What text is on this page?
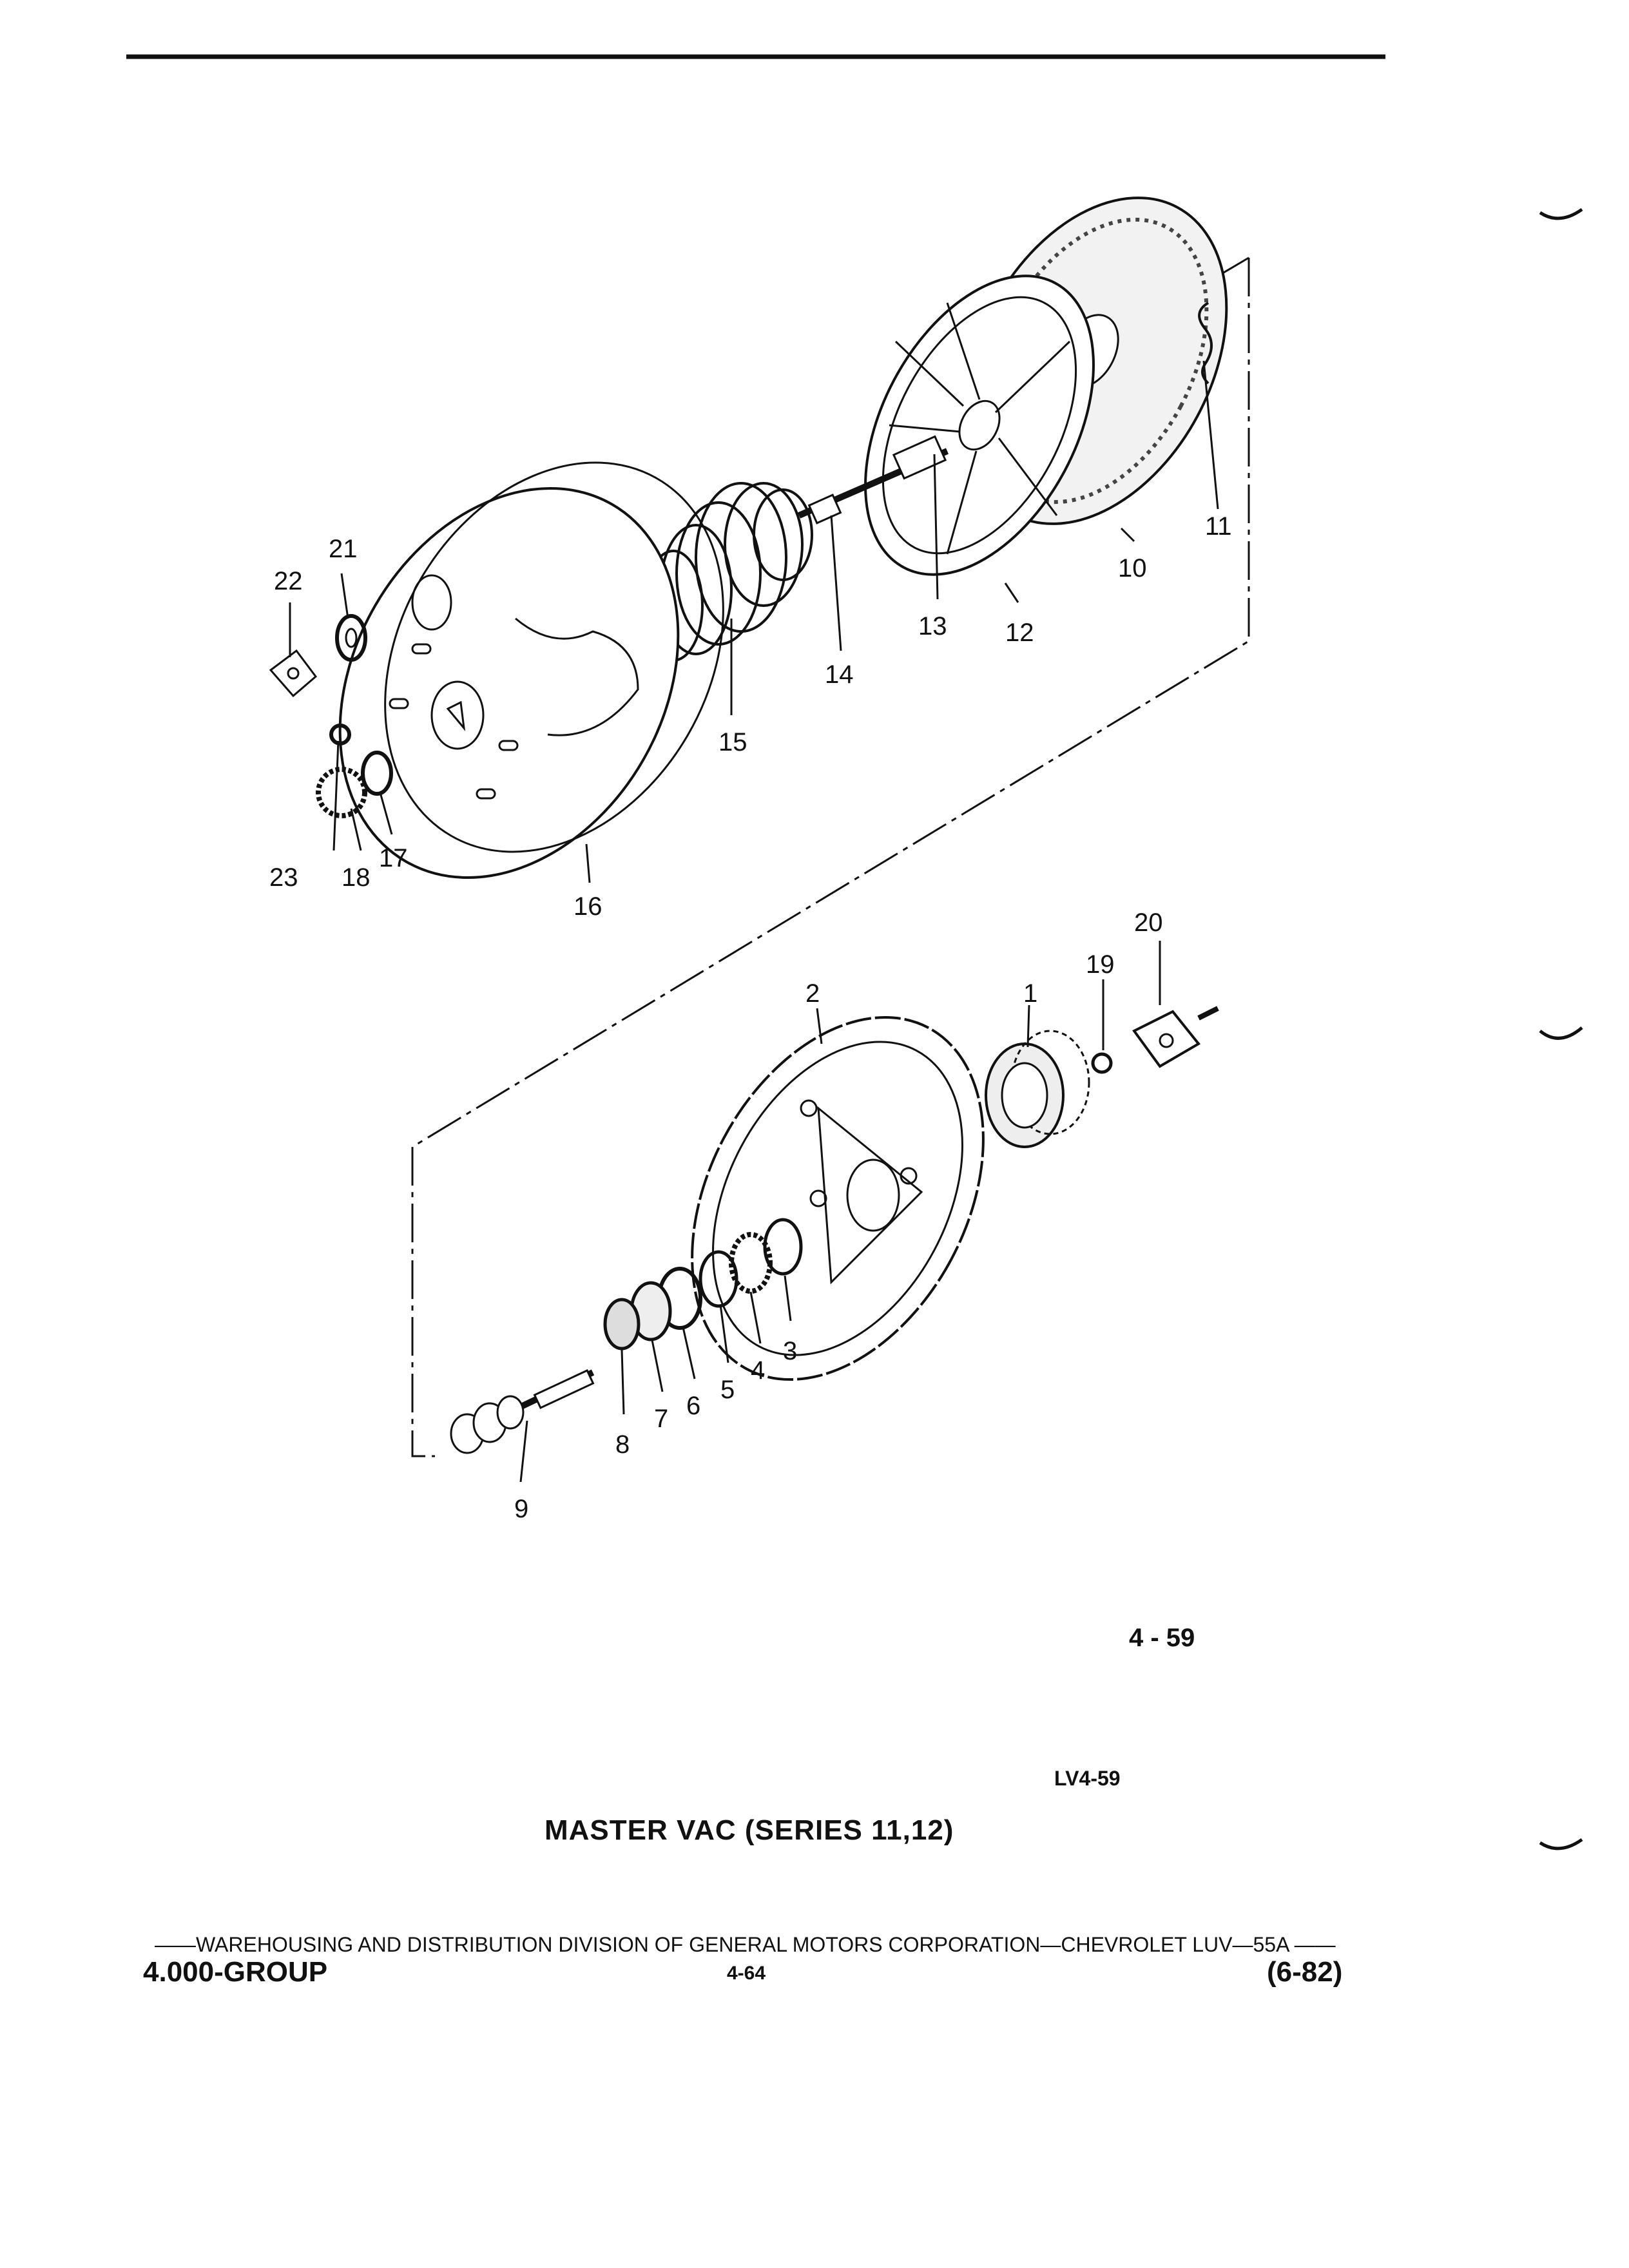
1
2
3
4
5
6
7
8
9
10
11
12
13
14
15
16
17
18
19
20
21
22
23
4 - 59
LV4-59
MASTER VAC (SERIES 11,12)
——WAREHOUSING AND DISTRIBUTION DIVISION OF GENERAL MOTORS CORPORATION—CHEVROLET LUV—55A ——
4.000-GROUP	4-64	(6-82)
